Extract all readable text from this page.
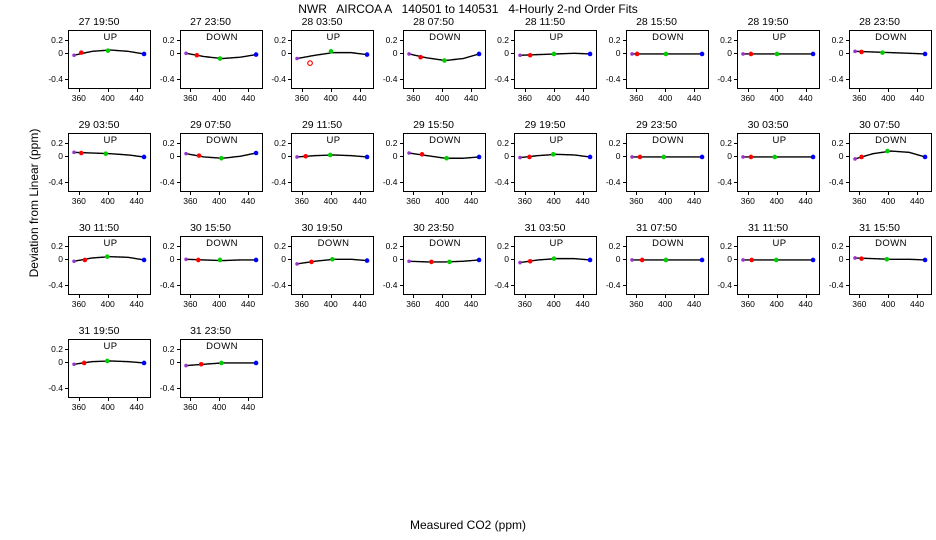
NWR   AIRCOA A   140501 to 140531   4-Hourly 2-nd Order Fits
Deviation from Linear (ppm)
27 19:50
UP
-0.4
0
0.2
360	400	440
27 23:50
DOWN
-0.4
0
0.2
360	400	440
28 03:50
UP
-0.4
0
0.2
360	400	440
28 07:50
DOWN
-0.4
0
0.2
360	400	440
28 11:50
UP
-0.4
0
0.2
360	400	440
28 15:50
DOWN
-0.4
0
0.2
360	400	440
28 19:50
UP
-0.4
0
0.2
360	400	440
28 23:50
DOWN
-0.4
0
0.2
360	400	440
29 03:50
UP
-0.4
0
0.2
360	400	440
29 07:50
DOWN
-0.4
0
0.2
360	400	440
29 11:50
UP
-0.4
0
0.2
360	400	440
29 15:50
DOWN
-0.4
0
0.2
360	400	440
29 19:50
UP
-0.4
0
0.2
360	400	440
29 23:50
DOWN
-0.4
0
0.2
360	400	440
30 03:50
UP
-0.4
0
0.2
360	400	440
30 07:50
DOWN
-0.4
0
0.2
360	400	440
30 11:50
UP
-0.4
0
0.2
360	400	440
30 15:50
DOWN
-0.4
0
0.2
360	400	440
30 19:50
DOWN
-0.4
0
0.2
360	400	440
30 23:50
DOWN
-0.4
0
0.2
360	400	440
31 03:50
UP
-0.4
0
0.2
360	400	440
31 07:50
DOWN
-0.4
0
0.2
360	400	440
31 11:50
UP
-0.4
0
0.2
360	400	440
31 15:50
DOWN
-0.4
0
0.2
360	400	440
31 19:50
UP
-0.4
0
0.2
360	400	440
31 23:50
DOWN
-0.4
0
0.2
360	400	440
Measured CO2 (ppm)
